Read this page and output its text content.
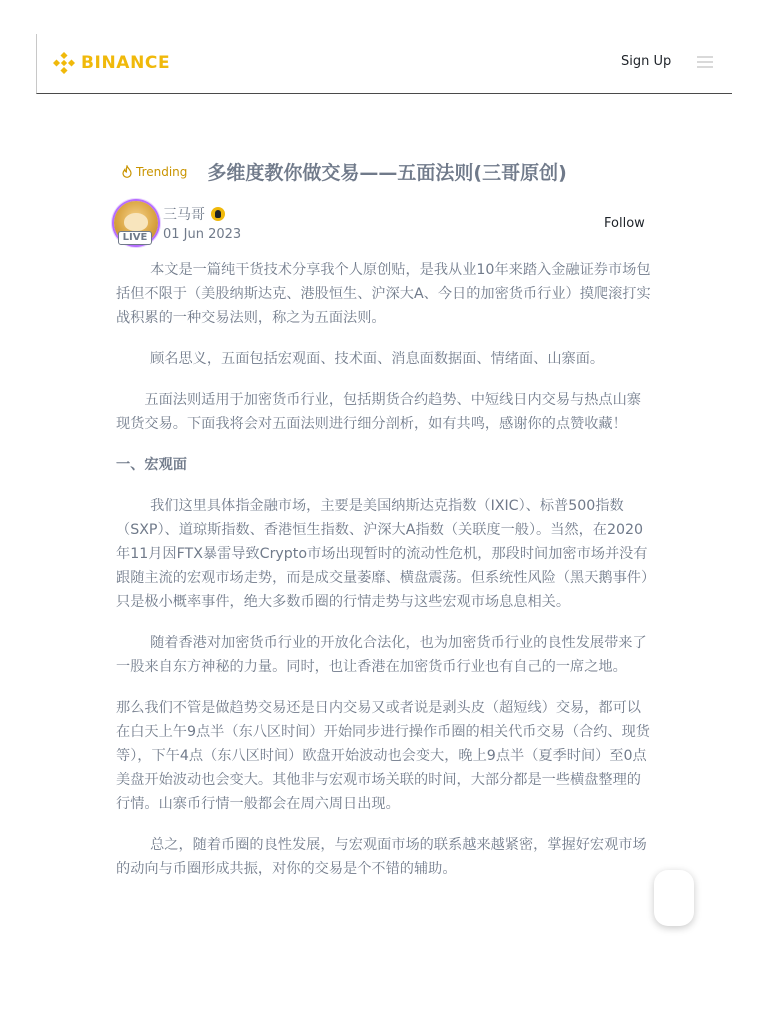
BINANCE	Sign Up
Trending 多维度教你做交易——五面法则(三哥原创)
LIVE
三马哥
01 Jun 2023
Follow

本文是一篇纯干货技术分享我个人原创贴，是我从业10年来踏入金融证券市场包括但不限于（美股纳斯达克、港股恒生、沪深大A、今日的加密货币行业）摸爬滚打实战积累的一种交易法则，称之为五面法则。

顾名思义，五面包括宏观面、技术面、消息面数据面、情绪面、山寨面。

五面法则适用于加密货币行业，包括期货合约趋势、中短线日内交易与热点山寨现货交易。下面我将会对五面法则进行细分剖析，如有共鸣，感谢你的点赞收藏！

一、宏观面

我们这里具体指金融市场，主要是美国纳斯达克指数（IXIC）、标普500指数（SXP）、道琼斯指数、香港恒生指数、沪深大A指数（关联度一般）。当然，在2020年11月因FTX暴雷导致Crypto市场出现暂时的流动性危机，那段时间加密市场并没有跟随主流的宏观市场走势，而是成交量萎靡、横盘震荡。但系统性风险（黑天鹅事件）只是极小概率事件，绝大多数币圈的行情走势与这些宏观市场息息相关。

随着香港对加密货币行业的开放化合法化，也为加密货币行业的良性发展带来了一股来自东方神秘的力量。同时，也让香港在加密货币行业也有自己的一席之地。

那么我们不管是做趋势交易还是日内交易又或者说是剥头皮（超短线）交易，都可以在白天上午9点半（东八区时间）开始同步进行操作币圈的相关代币交易（合约、现货等），下午4点（东八区时间）欧盘开始波动也会变大，晚上9点半（夏季时间）至0点美盘开始波动也会变大。其他非与宏观市场关联的时间，大部分都是一些横盘整理的行情。山寨币行情一般都会在周六周日出现。

总之，随着币圈的良性发展，与宏观面市场的联系越来越紧密，掌握好宏观市场的动向与币圈形成共振，对你的交易是个不错的辅助。
